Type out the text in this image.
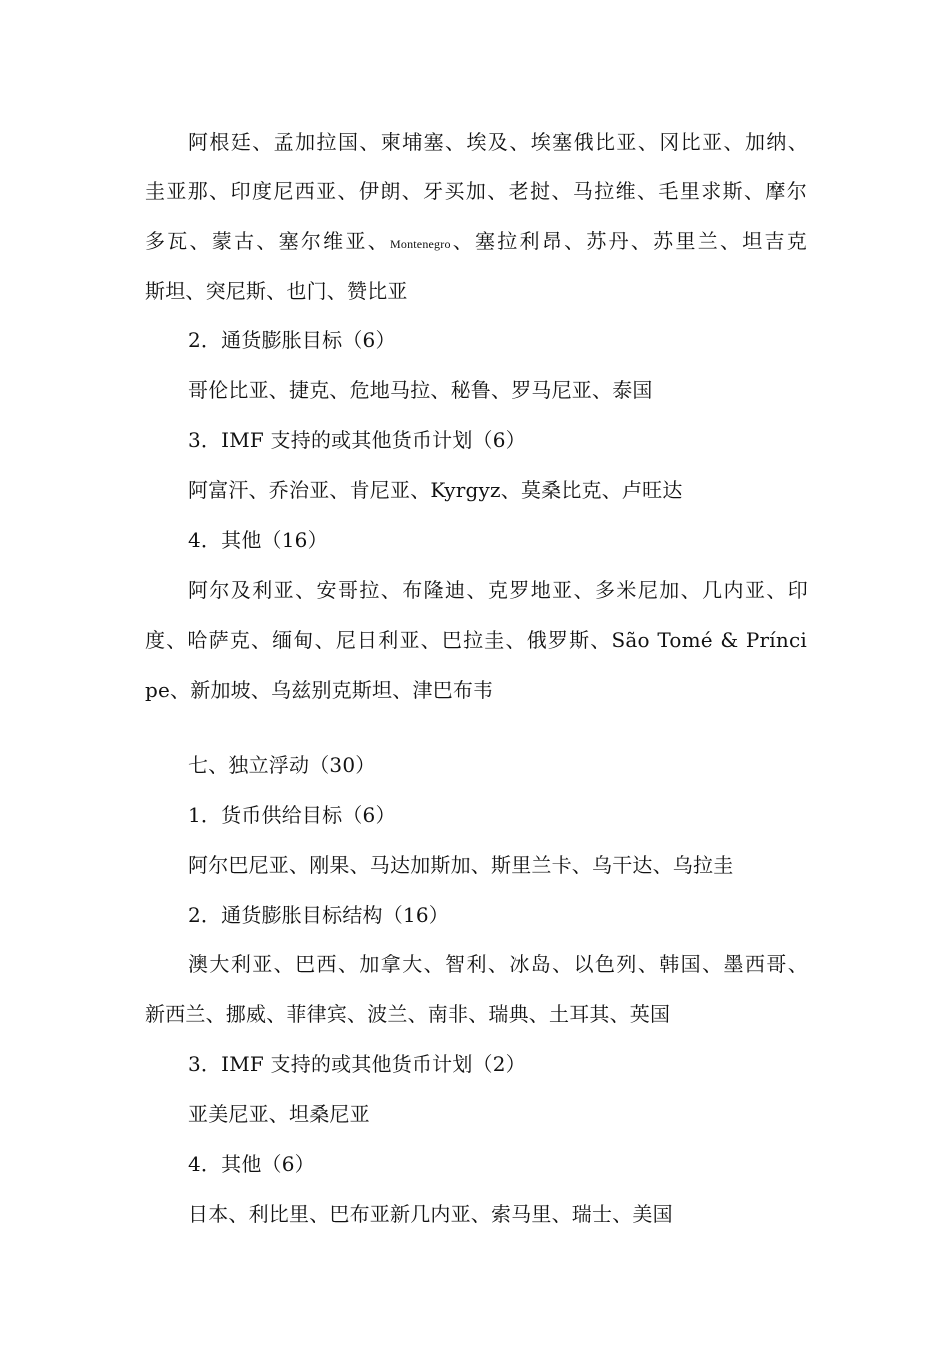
阿根廷、孟加拉国、柬埔塞、埃及、埃塞俄比亚、冈比亚、加纳、
圭亚那、印度尼西亚、伊朗、牙买加、老挝、马拉维、毛里求斯、摩尔
多瓦、蒙古、塞尔维亚、Montenegro、塞拉利昂、苏丹、苏里兰、坦吉克
斯坦、突尼斯、也门、赞比亚
2．通货膨胀目标（6）
哥伦比亚、捷克、危地马拉、秘鲁、罗马尼亚、泰国
3．IMF 支持的或其他货币计划（6）
阿富汗、乔治亚、肯尼亚、Kyrgyz、莫桑比克、卢旺达
4．其他（16）
阿尔及利亚、安哥拉、布隆迪、克罗地亚、多米尼加、几内亚、印
度、哈萨克、缅甸、尼日利亚、巴拉圭、俄罗斯、São Tomé & Prínci
pe、新加坡、乌兹别克斯坦、津巴布韦
七、独立浮动（30）
1．货币供给目标（6）
阿尔巴尼亚、刚果、马达加斯加、斯里兰卡、乌干达、乌拉圭
2．通货膨胀目标结构（16）
澳大利亚、巴西、加拿大、智利、冰岛、以色列、韩国、墨西哥、
新西兰、挪威、菲律宾、波兰、南非、瑞典、土耳其、英国
3．IMF 支持的或其他货币计划（2）
亚美尼亚、坦桑尼亚
4．其他（6）
日本、利比里、巴布亚新几内亚、索马里、瑞士、美国
